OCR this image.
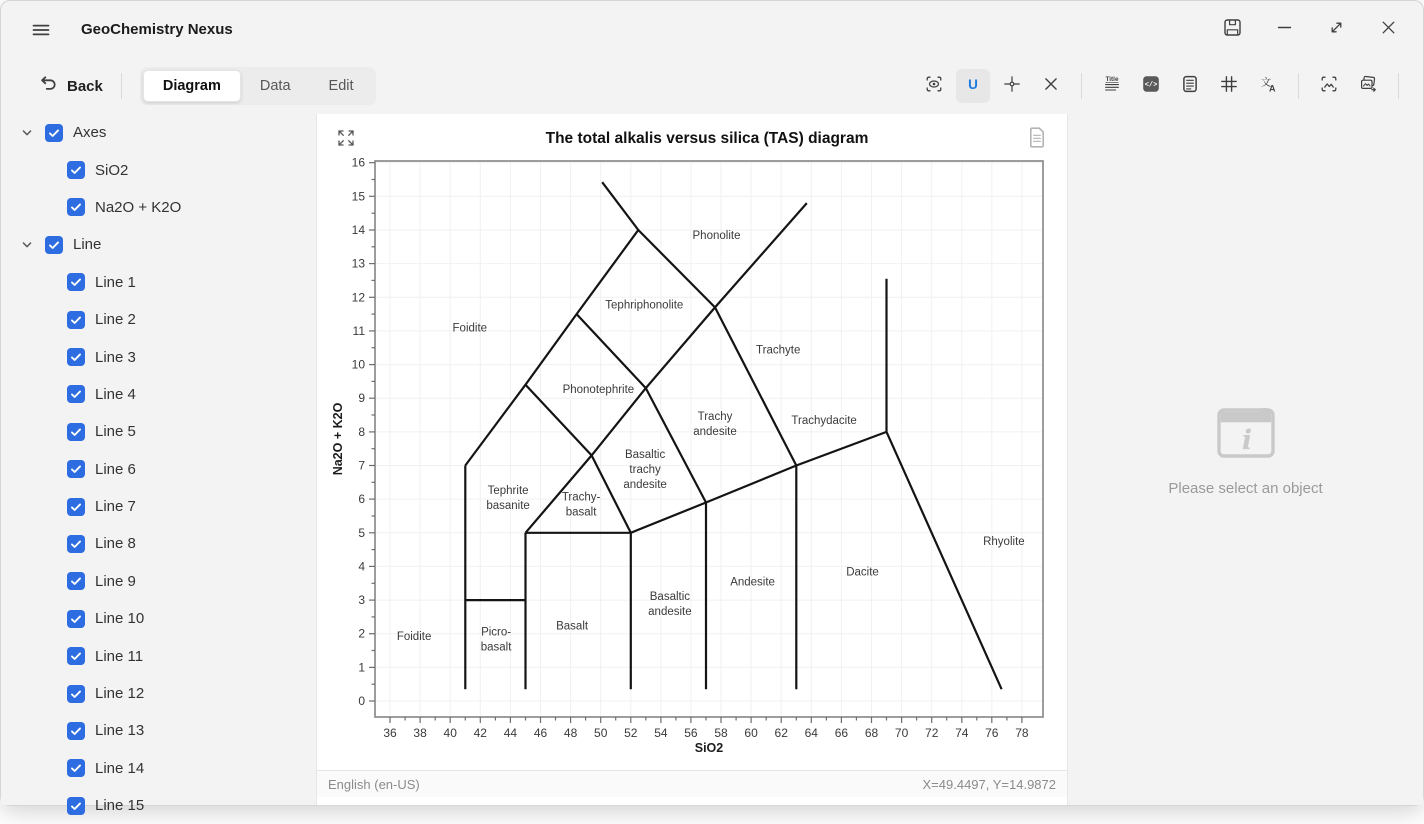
GeoChemistry Nexus
Back	Diagram	Data	Edit	U	Title
</>	文
A
Axes
SiO2
Na2O + K2O
Line
Line 1
Line 2
Line 3
Line 4
Line 5
Line 6
Line 7
Line 8
Line 9
Line 10
Line 11
Line 12
Line 13
Line 14
Line 15
36 38 40 42 44 46 48 50 52 54 56 58 60 62 64 66 68 70 72 74 76 78
0
1
2
3
4
5
6
7
8
9
10
11
12
13
14
15
16
Phonolite
Tephriphonolite
Foidite
Trachyte
Phonotephrite
Trachy andesite
Trachydacite
Basaltic trachy andesite
Tephrite basanite
Trachy-basalt
Rhyolite
Dacite
Andesite
Basaltic andesite
Basalt
Foidite	Picro-basalt
The total alkalis versus silica (TAS) diagram
SiO2
Na2O + K2O
English (en-US)	X=49.4497, Y=14.9872
i
Please select an object
